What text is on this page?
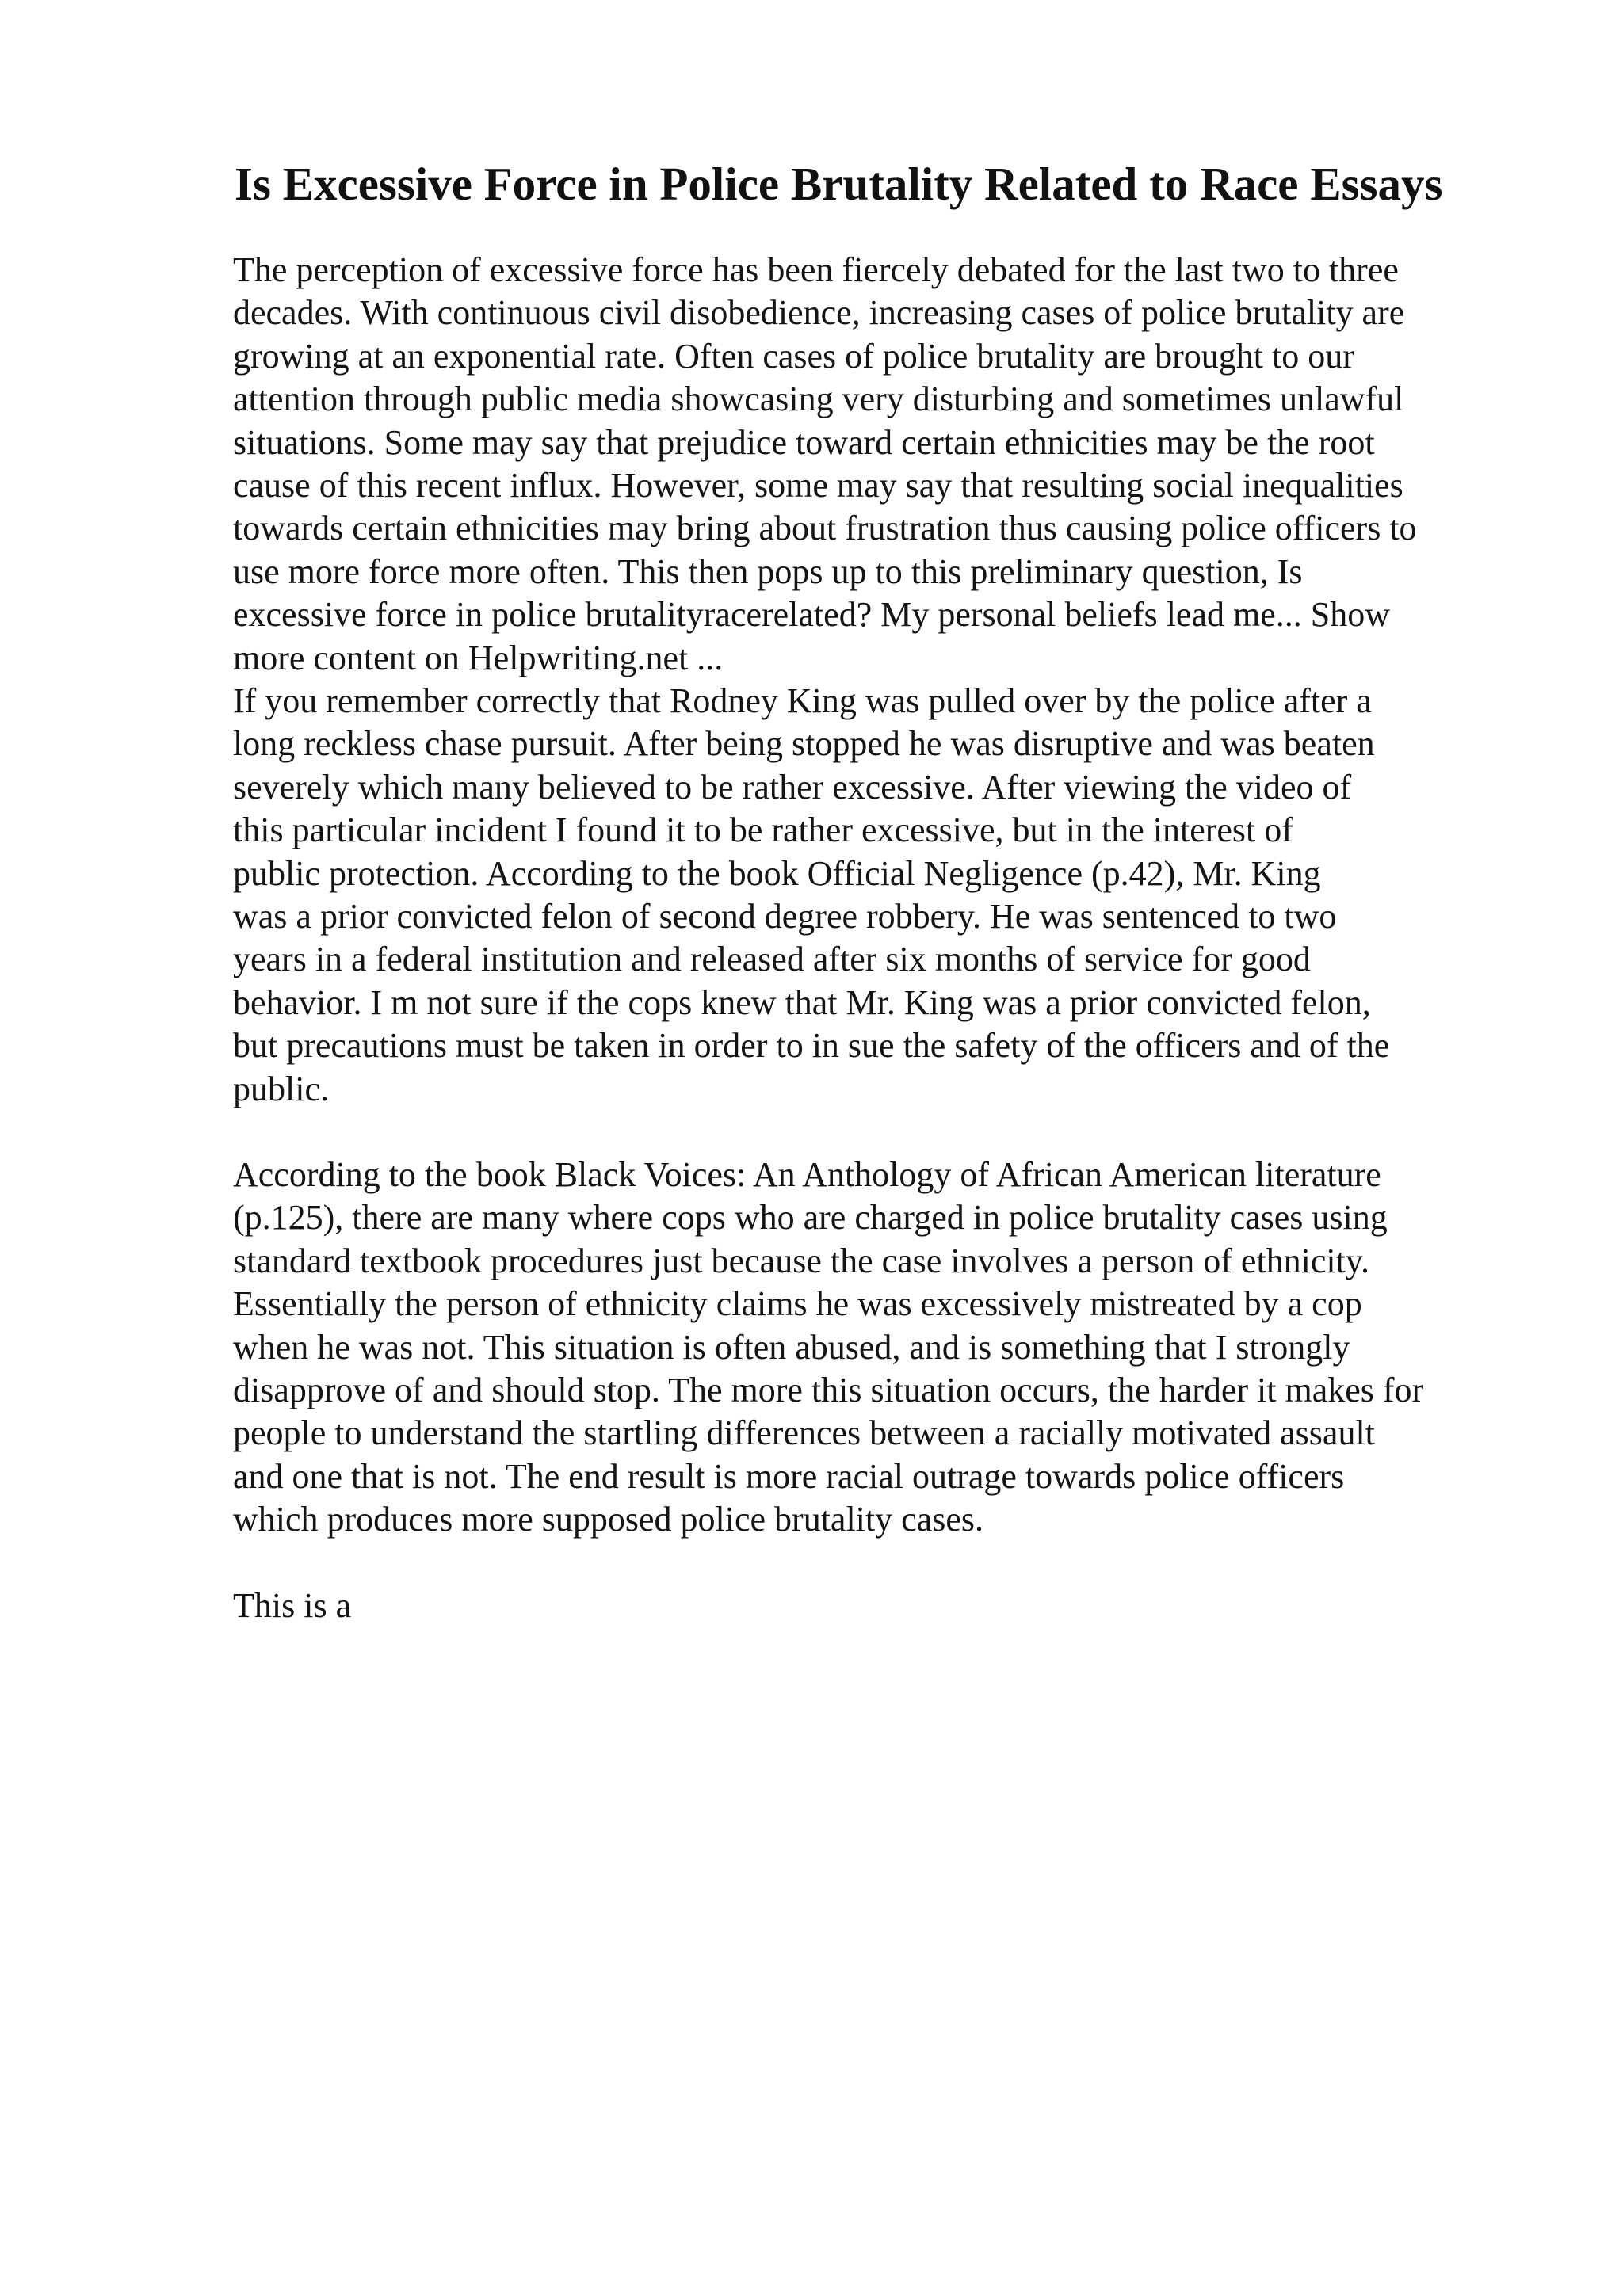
Is Excessive Force in Police Brutality Related to Race Essays
The perception of excessive force has been fiercely debated for the last two to three
decades. With continuous civil disobedience, increasing cases of police brutality are
growing at an exponential rate. Often cases of police brutality are brought to our
attention through public media showcasing very disturbing and sometimes unlawful
situations. Some may say that prejudice toward certain ethnicities may be the root
cause of this recent influx. However, some may say that resulting social inequalities
towards certain ethnicities may bring about frustration thus causing police officers to
use more force more often. This then pops up to this preliminary question, Is
excessive force in police brutalityracerelated? My personal beliefs lead me... Show
more content on Helpwriting.net ...
If you remember correctly that Rodney King was pulled over by the police after a
long reckless chase pursuit. After being stopped he was disruptive and was beaten
severely which many believed to be rather excessive. After viewing the video of
this particular incident I found it to be rather excessive, but in the interest of
public protection. According to the book Official Negligence (p.42), Mr. King
was a prior convicted felon of second degree robbery. He was sentenced to two
years in a federal institution and released after six months of service for good
behavior. I m not sure if the cops knew that Mr. King was a prior convicted felon,
but precautions must be taken in order to in sue the safety of the officers and of the
public.
According to the book Black Voices: An Anthology of African American literature
(p.125), there are many where cops who are charged in police brutality cases using
standard textbook procedures just because the case involves a person of ethnicity.
Essentially the person of ethnicity claims he was excessively mistreated by a cop
when he was not. This situation is often abused, and is something that I strongly
disapprove of and should stop. The more this situation occurs, the harder it makes for
people to understand the startling differences between a racially motivated assault
and one that is not. The end result is more racial outrage towards police officers
which produces more supposed police brutality cases.
This is a
